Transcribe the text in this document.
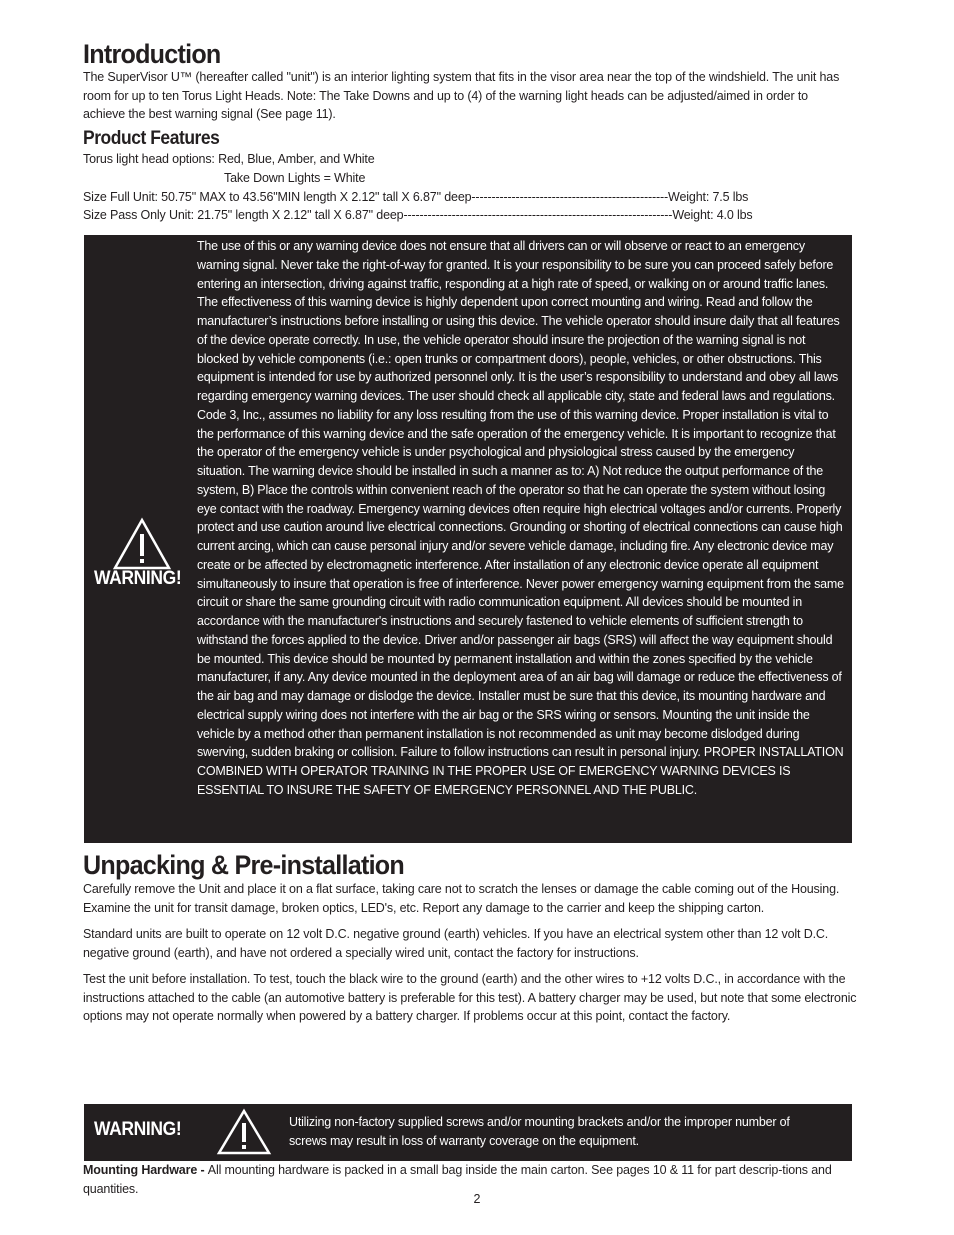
Introduction

The SuperVisor U™ (hereafter called "unit") is an interior lighting system that fits in the visor area near the top of the windshield. The unit has room for up to ten Torus Light Heads. Note: The Take Downs and up to (4) of the warning light heads can be adjusted/aimed in order to achieve the best warning signal (See page 11).

Product Features

Torus light head options: Red, Blue, Amber, and White

Take Down Lights = White

Size Full Unit: 50.75" MAX to 43.56"MIN length X 2.12" tall X 6.87" deep-------------------------------------------------Weight: 7.5 lbs

Size Pass Only Unit: 21.75" length X 2.12" tall X 6.87" deep-------------------------------------------------------------------Weight: 4.0 lbs

WARNING!

The use of this or any warning device does not ensure that all drivers can or will observe or react to an emergency warning signal. Never take the right-of-way for granted. It is your responsibility to be sure you can proceed safely before entering an intersection, driving against traffic, responding at a high rate of speed, or walking on or around traffic lanes. The effectiveness of this warning device is highly dependent upon correct mounting and wiring. Read and follow the manufacturer’s instructions before installing or using this device. The vehicle operator should insure daily that all features of the device operate correctly. In use, the vehicle operator should insure the projection of the warning signal is not blocked by vehicle components (i.e.: open trunks or compartment doors), people, vehicles, or other obstructions. This equipment is intended for use by authorized personnel only. It is the user’s responsibility to understand and obey all laws regarding emergency warning devices. The user should check all applicable city, state and federal laws and regulations. Code 3, Inc., assumes no liability for any loss resulting from the use of this warning device. Proper installation is vital to the performance of this warning device and the safe operation of the emergency vehicle. It is important to recognize that the operator of the emergency vehicle is under psychological and physiological stress caused by the emergency situation. The warning device should be installed in such a manner as to: A) Not reduce the output performance of the system, B) Place the controls within convenient reach of the operator so that he can operate the system without losing eye contact with the roadway. Emergency warning devices often require high electrical voltages and/or currents. Properly protect and use caution around live electrical connections. Grounding or shorting of electrical connections can cause high current arcing, which can cause personal injury and/or severe vehicle damage, including fire. Any electronic device may create or be affected by electromagnetic interference. After installation of any electronic device operate all equipment simultaneously to insure that operation is free of interference. Never power emergency warning equipment from the same circuit or share the same grounding circuit with radio communication equipment. All devices should be mounted in accordance with the manufacturer's instructions and securely fastened to vehicle elements of sufficient strength to withstand the forces applied to the device. Driver and/or passenger air bags (SRS) will affect the way equipment should be mounted. This device should be mounted by permanent installation and within the zones specified by the vehicle manufacturer, if any. Any device mounted in the deployment area of an air bag will damage or reduce the effectiveness of the air bag and may damage or dislodge the device. Installer must be sure that this device, its mounting hardware and electrical supply wiring does not interfere with the air bag or the SRS wiring or sensors. Mounting the unit inside the vehicle by a method other than permanent installation is not recommended as unit may become dislodged during swerving, sudden braking or collision. Failure to follow instructions can result in personal injury. PROPER INSTALLATION COMBINED WITH OPERATOR TRAINING IN THE PROPER USE OF EMERGENCY WARNING DEVICES IS ESSENTIAL TO INSURE THE SAFETY OF EMERGENCY PERSONNEL AND THE PUBLIC.

Unpacking & Pre-installation

Carefully remove the Unit and place it on a flat surface, taking care not to scratch the lenses or damage the cable coming out of the Housing. Examine the unit for transit damage, broken optics, LED's, etc. Report any damage to the carrier and keep the shipping carton.

Standard units are built to operate on 12 volt D.C. negative ground (earth) vehicles. If you have an electrical system other than 12 volt D.C. negative ground (earth), and have not ordered a specially wired unit, contact the factory for instructions.

Test the unit before installation. To test, touch the black wire to the ground (earth) and the other wires to +12 volts D.C., in accordance with the instructions attached to the cable (an automotive battery is preferable for this test). A battery charger may be used, but note that some electronic options may not operate normally when powered by a battery charger. If problems occur at this point, contact the factory.

WARNING!	Utilizing non-factory supplied screws and/or mounting brackets and/or the improper number of screws may result in loss of warranty coverage on the equipment.

Mounting Hardware - All mounting hardware is packed in a small bag inside the main carton. See pages 10 & 11 for part descrip-tions and quantities.

2
